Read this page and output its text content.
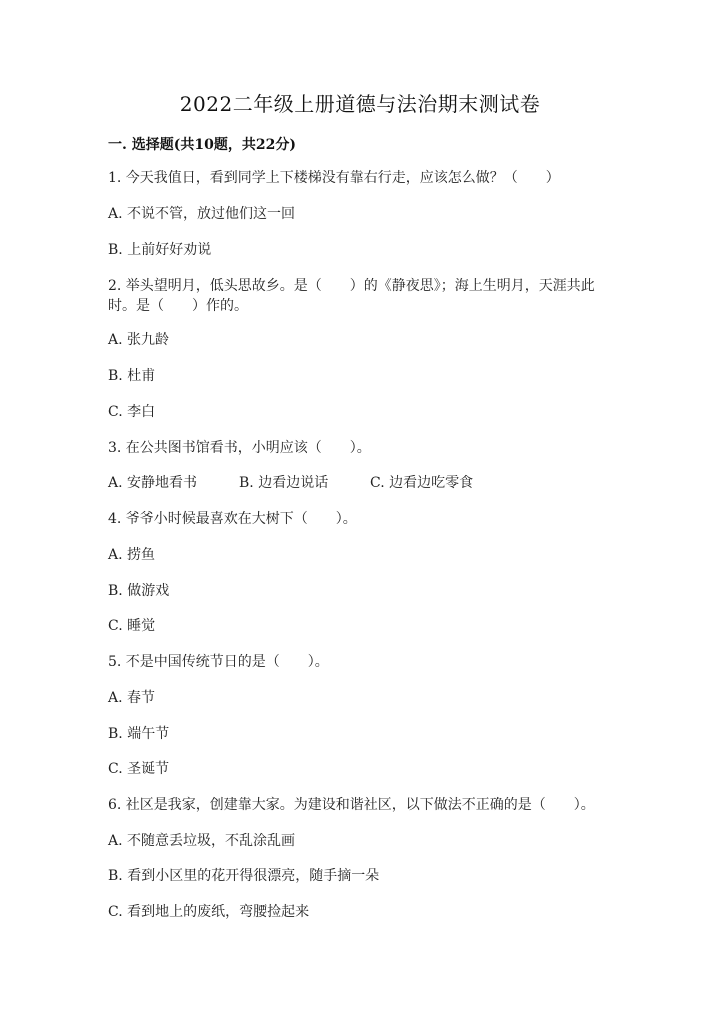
2022二年级上册道德与法治期末测试卷
一. 选择题(共10题，共22分)
1. 今天我值日，看到同学上下楼梯没有靠右行走，应该怎么做？（　　）
A. 不说不管，放过他们这一回
B. 上前好好劝说
2. 举头望明月，低头思故乡。是（　　）的《静夜思》；海上生明月，天涯共此时。是（　　）作的。
A. 张九龄
B. 杜甫
C. 李白
3. 在公共图书馆看书，小明应该（　　）。
A. 安静地看书	B. 边看边说话	C. 边看边吃零食
4. 爷爷小时候最喜欢在大树下（　　）。
A. 捞鱼
B. 做游戏
C. 睡觉
5. 不是中国传统节日的是（　　）。
A. 春节
B. 端午节
C. 圣诞节
6. 社区是我家，创建靠大家。为建设和谐社区，以下做法不正确的是（　　）。
A. 不随意丢垃圾，不乱涂乱画
B. 看到小区里的花开得很漂亮，随手摘一朵
C. 看到地上的废纸，弯腰捡起来
